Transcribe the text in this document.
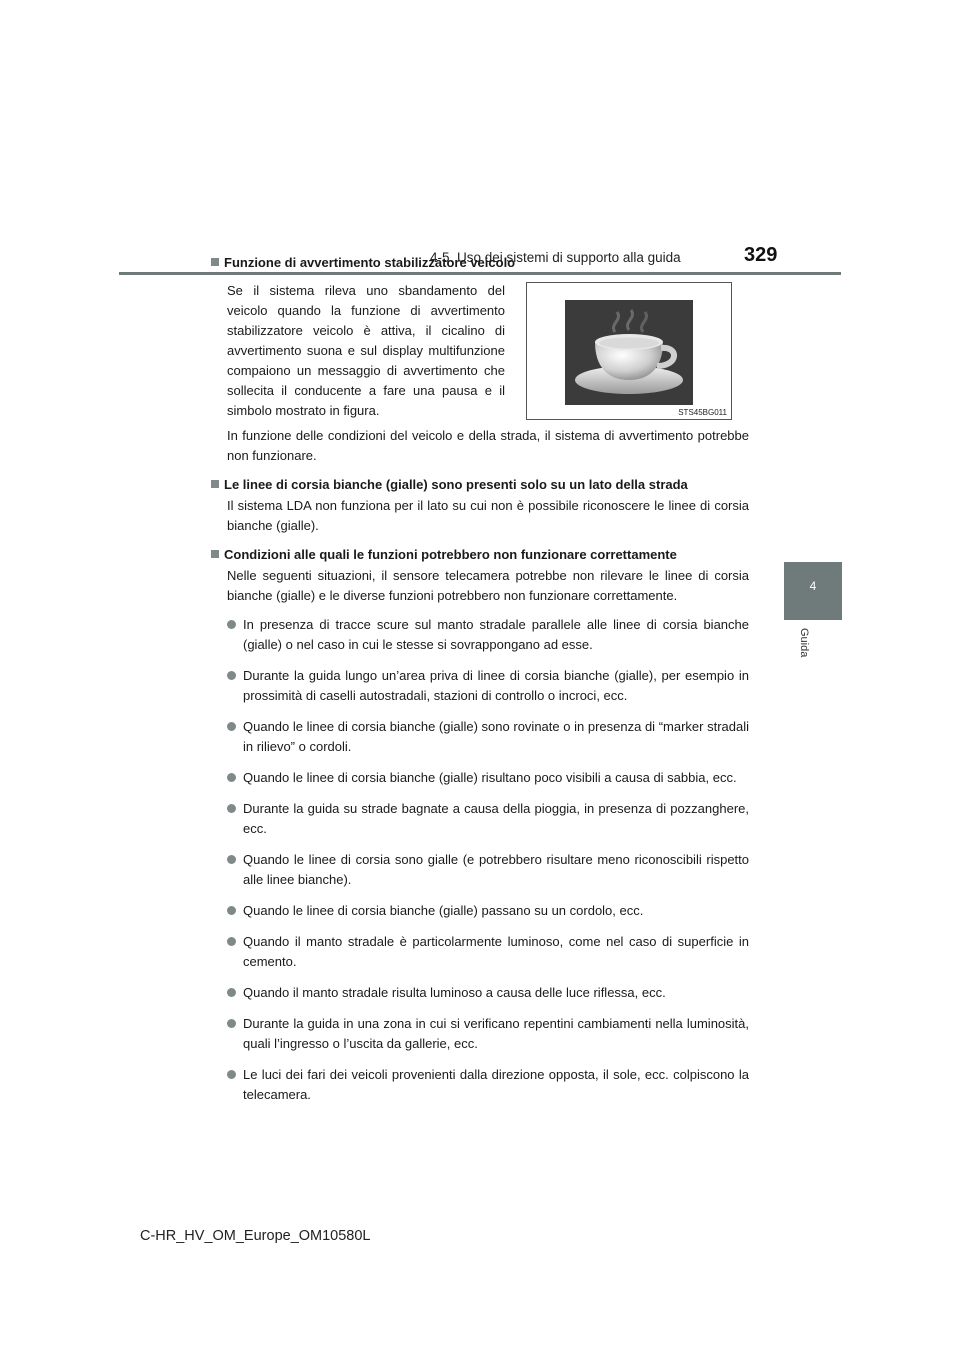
4-5. Uso dei sistemi di supporto alla guida	329
4
Guida

Funzione di avvertimento stabilizzatore veicolo

Se il sistema rileva uno sbandamento del veicolo quando la funzione di avvertimento stabilizzatore veicolo è attiva, il cicalino di avvertimento suona e sul display multifunzione compaiono un messaggio di avvertimento che sollecita il conducente a fare una pausa e il simbolo mostrato in figura.	STS45BG011

In funzione delle condizioni del veicolo e della strada, il sistema di avvertimento potrebbe non funzionare.

Le linee di corsia bianche (gialle) sono presenti solo su un lato della strada

Il sistema LDA non funziona per il lato su cui non è possibile riconoscere le linee di corsia bianche (gialle).

Condizioni alle quali le funzioni potrebbero non funzionare correttamente

Nelle seguenti situazioni, il sensore telecamera potrebbe non rilevare le linee di corsia bianche (gialle) e le diverse funzioni potrebbero non funzionare correttamente.

In presenza di tracce scure sul manto stradale parallele alle linee di corsia bianche (gialle) o nel caso in cui le stesse si sovrappongano ad esse.

Durante la guida lungo un’area priva di linee di corsia bianche (gialle), per esempio in prossimità di caselli autostradali, stazioni di controllo o incroci, ecc.

Quando le linee di corsia bianche (gialle) sono rovinate o in presenza di “marker stradali in rilievo” o cordoli.

Quando le linee di corsia bianche (gialle) risultano poco visibili a causa di sabbia, ecc.

Durante la guida su strade bagnate a causa della pioggia, in presenza di pozzanghere, ecc.

Quando le linee di corsia sono gialle (e potrebbero risultare meno riconoscibili rispetto alle linee bianche).

Quando le linee di corsia bianche (gialle) passano su un cordolo, ecc.

Quando il manto stradale è particolarmente luminoso, come nel caso di superficie in cemento.

Quando il manto stradale risulta luminoso a causa delle luce riflessa, ecc.

Durante la guida in una zona in cui si verificano repentini cambiamenti nella luminosità, quali l’ingresso o l’uscita da gallerie, ecc.

Le luci dei fari dei veicoli provenienti dalla direzione opposta, il sole, ecc. colpiscono la telecamera.

C-HR_HV_OM_Europe_OM10580L
